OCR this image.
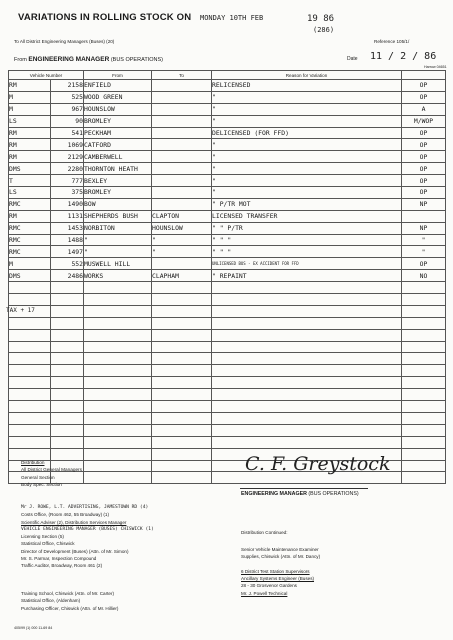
VARIATIONS IN ROLLING STOCK ON MONDAY 10TH FEB	19 86
(286)
To All District Engineering Managers (Buses) (20)	Reference 105/1/
From ENGINEERING MANAGER (BUS OPERATIONS)	Date 11 / 2 / 86
Harrow 04651
Vehicle Number		From	To	Reason for Variation	
RM	2158	ENFIELD		RELICENSED	OP
M	525	WOOD GREEN		"	OP
M	967	HOUNSLOW		"	A
LS	90	BROMLEY		"	M/WOP
RM	541	PECKHAM		DELICENSED (FOR FFD)	OP
RM	1069	CATFORD		"	OP
RM	2129	CAMBERWELL		"	OP
DMS	2280	THORNTON HEATH		"	OP
T	777	BEXLEY		"	OP
LS	375	BROMLEY		"	OP
RMC	1490	BOW		" P/TR MOT	NP
RM	1131	SHEPHERDS BUSH	CLAPTON	LICENSED TRANSFER	
RMC	1453	NORBITON	HOUNSLOW	" " P/TR	NP
RMC	1488	"	"	" " "	"
RMC	1497	"	"	" " "	"
M	552	MUSWELL HILL		UNLICENSED BUS - EX ACCIDENT FOR FFD	OP
DMS	2486	WORKS	CLAPHAM	" REPAINT	NO

TAX + 17
Distribution
All District General Managers
General Section
Body Spec. Section
Mr J. ROWE, L.T. ADVERTISING, JAMESTOWN RD (4)
Costs Office, (Room 462, 55 Broadway) (1)
Scientific Adviser (2), Distribution Services Manager
VEHICLE ENGINEERING MANAGER (BUSES) CHISWICK (1)
Licensing Section (5)
Statistical Office, Chiswick
Director of Development (Buses) (Attn. of Mr. Simon)
Mr. S. Parmar, Inspection Compound
Traffic Auditor, Broadway, Room 461 (2)
Training School, Chiswick (Attn. of Mr. Carter)
Statistical Office, (Aldenham)
Purchasing Officer, Chiswick (Attn. of Mr. Hillier)
C. F. Greystock
ENGINEERING MANAGER (BUS OPERATIONS)
Distribution Continued:
Senior Vehicle Maintenance Examiner
Supplies, Chiswick (Attn. of Mr. Dancy)

6 District Test Station Supervisors
Ancillary Systems Engineer (Buses)
28 - 30 Grosvenor Gardens
Mr. J. Powell Technical
405/99 (1) 000 11-69 84
